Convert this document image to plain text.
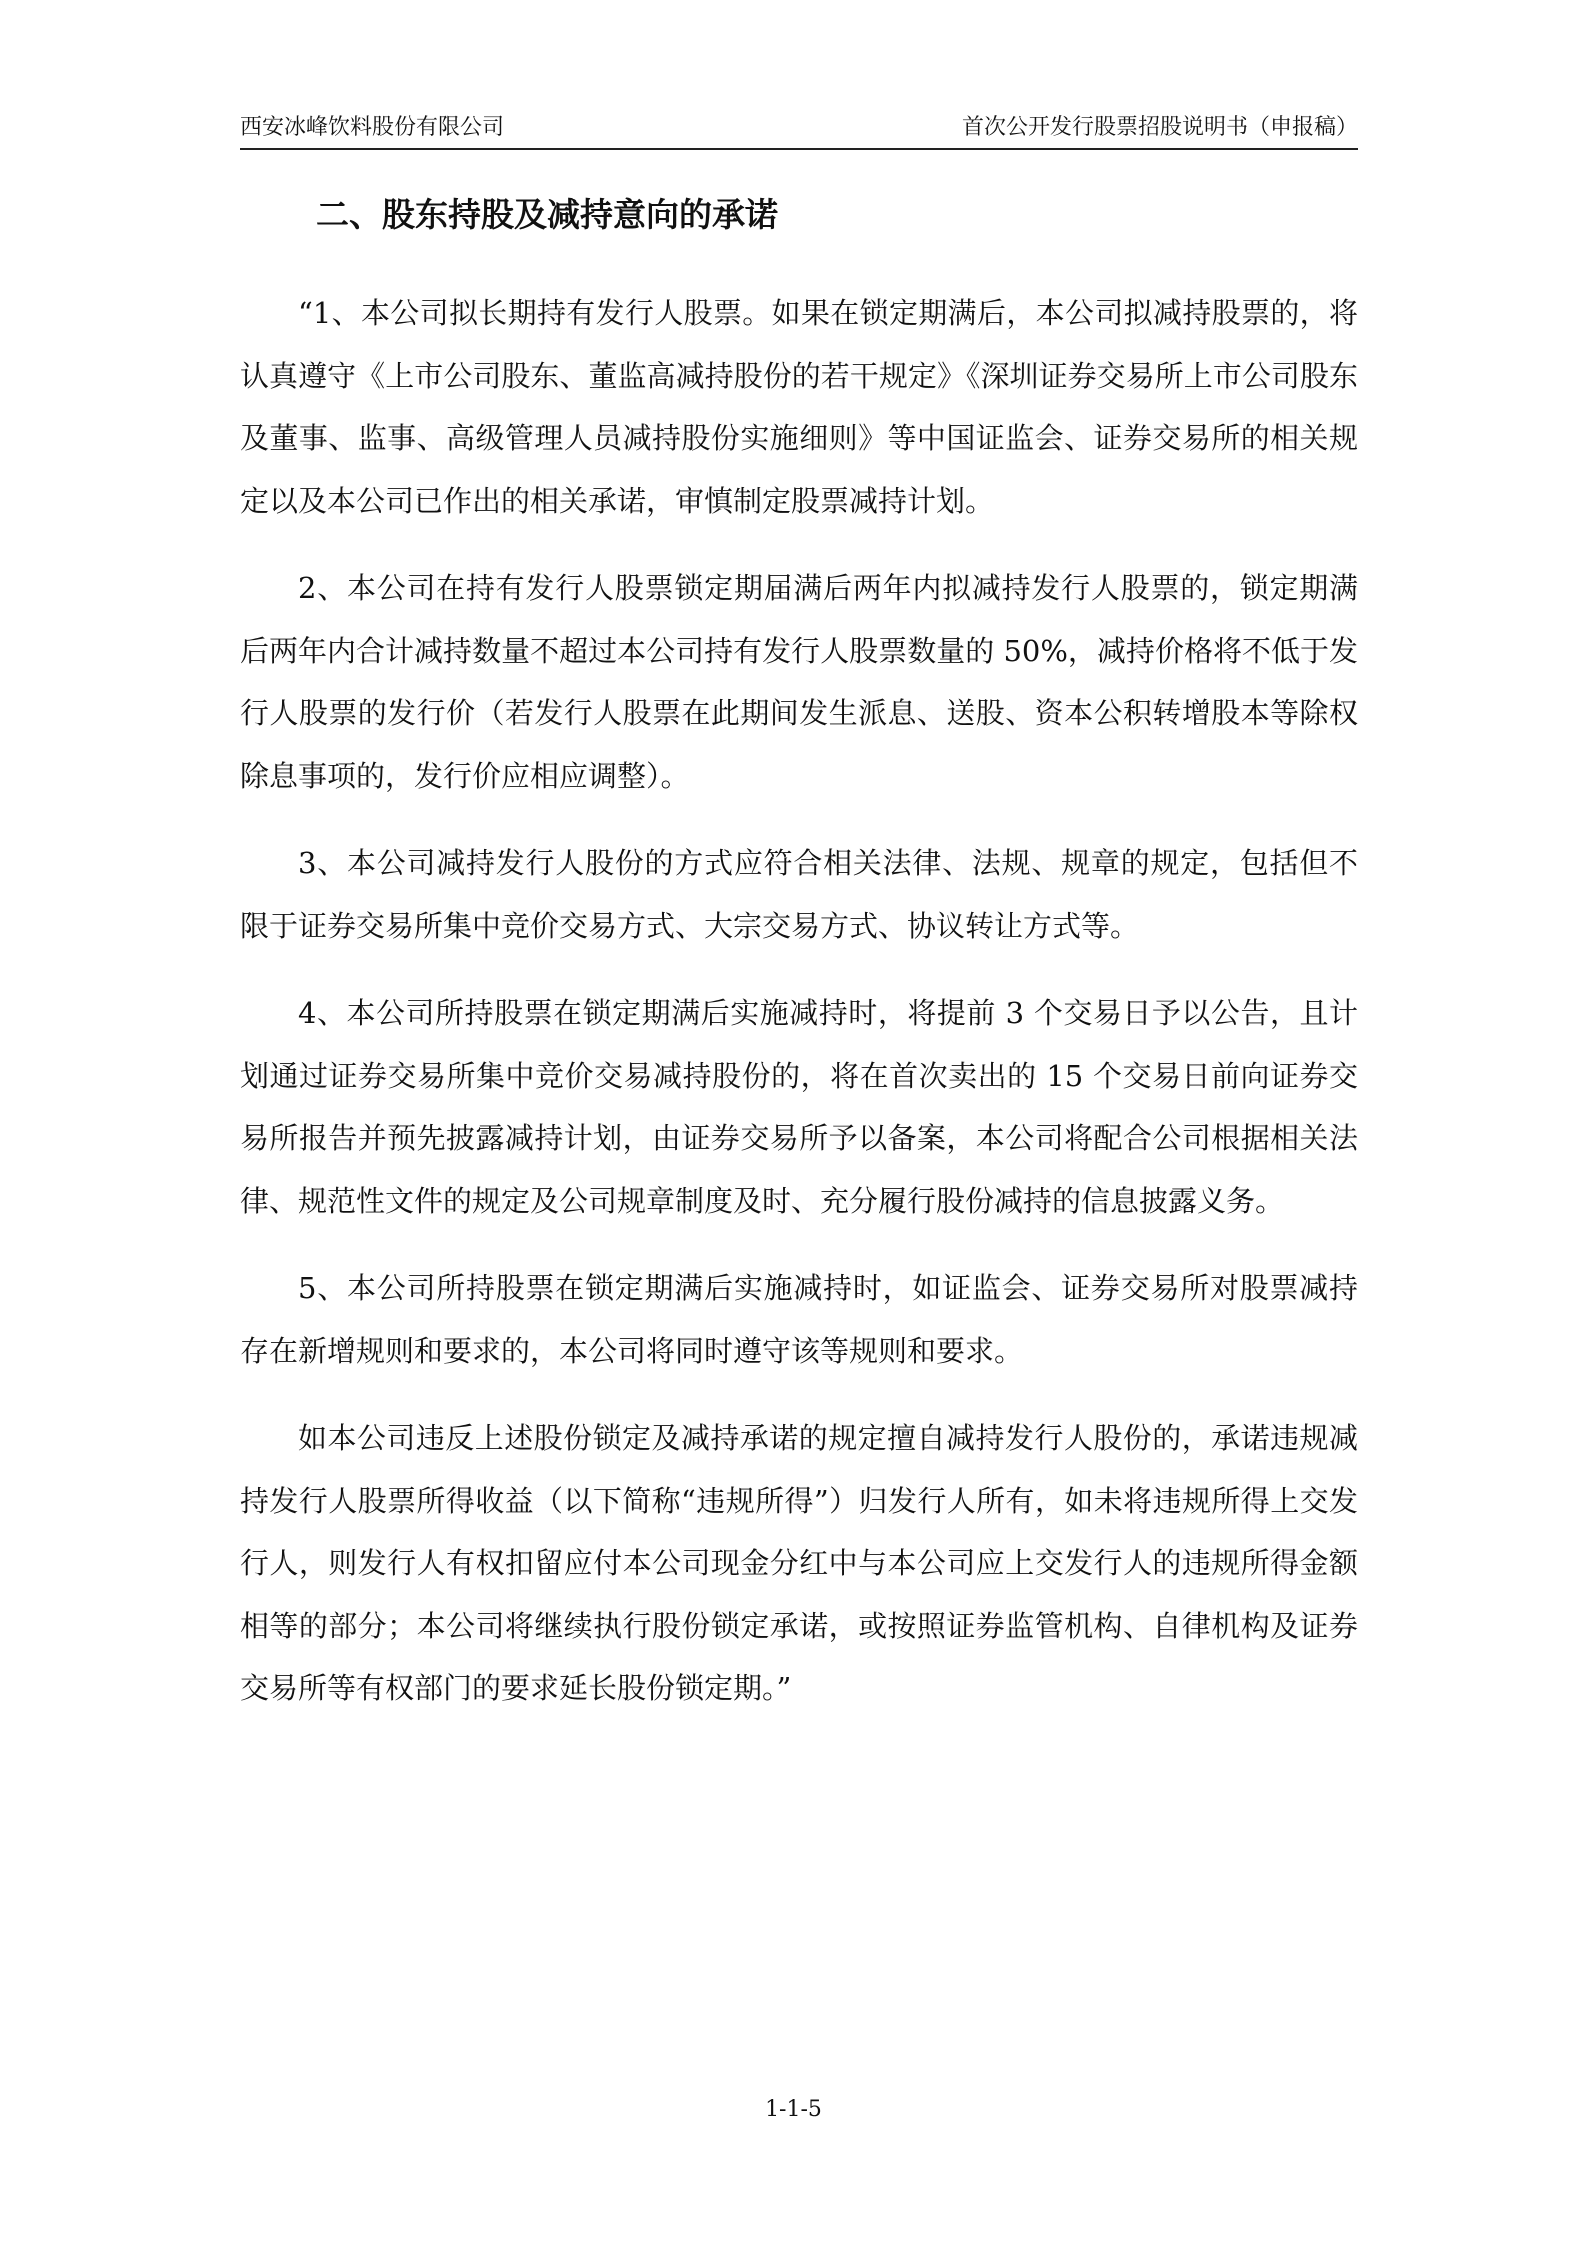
西安冰峰饮料股份有限公司	首次公开发行股票招股说明书（申报稿）
二、股东持股及减持意向的承诺

“1、本公司拟长期持有发行人股票。如果在锁定期满后，本公司拟减持股票的，将认真遵守《上市公司股东、董监高减持股份的若干规定》《深圳证券交易所上市公司股东及董事、监事、高级管理人员减持股份实施细则》等中国证监会、证券交易所的相关规定以及本公司已作出的相关承诺，审慎制定股票减持计划。

2、本公司在持有发行人股票锁定期届满后两年内拟减持发行人股票的，锁定期满后两年内合计减持数量不超过本公司持有发行人股票数量的 50%，减持价格将不低于发行人股票的发行价（若发行人股票在此期间发生派息、送股、资本公积转增股本等除权除息事项的，发行价应相应调整）。

3、本公司减持发行人股份的方式应符合相关法律、法规、规章的规定，包括但不限于证券交易所集中竞价交易方式、大宗交易方式、协议转让方式等。

4、本公司所持股票在锁定期满后实施减持时，将提前 3 个交易日予以公告，且计划通过证券交易所集中竞价交易减持股份的，将在首次卖出的 15 个交易日前向证券交易所报告并预先披露减持计划，由证券交易所予以备案，本公司将配合公司根据相关法律、规范性文件的规定及公司规章制度及时、充分履行股份减持的信息披露义务。

5、本公司所持股票在锁定期满后实施减持时，如证监会、证券交易所对股票减持存在新增规则和要求的，本公司将同时遵守该等规则和要求。

如本公司违反上述股份锁定及减持承诺的规定擅自减持发行人股份的，承诺违规减持发行人股票所得收益（以下简称“违规所得”）归发行人所有，如未将违规所得上交发行人，则发行人有权扣留应付本公司现金分红中与本公司应上交发行人的违规所得金额相等的部分；本公司将继续执行股份锁定承诺，或按照证券监管机构、自律机构及证券交易所等有权部门的要求延长股份锁定期。”

1-1-5
